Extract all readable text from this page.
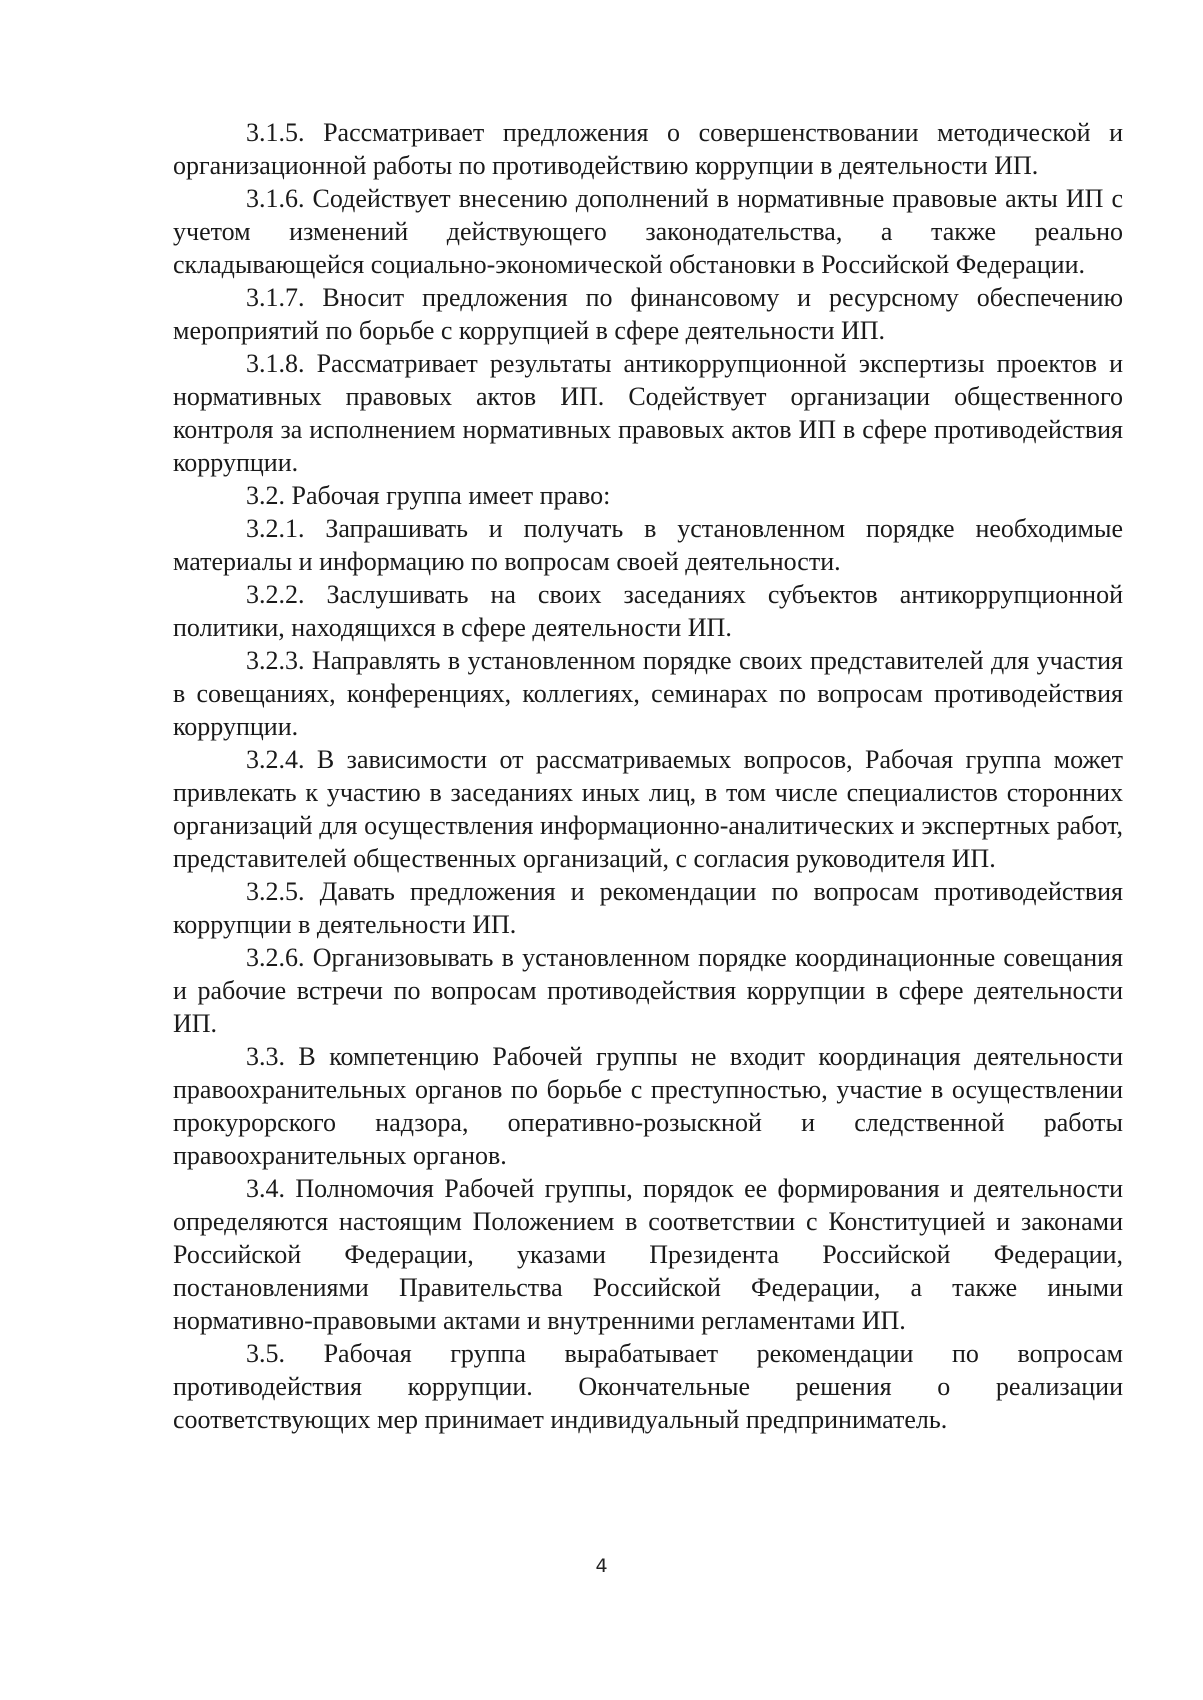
3.1.5. Рассматривает предложения о совершенствовании методической и организационной работы по противодействию коррупции в деятельности ИП.

3.1.6. Содействует внесению дополнений в нормативные правовые акты ИП с учетом изменений действующего законодательства, а также реально складывающейся социально-экономической обстановки в Российской Федерации.

3.1.7. Вносит предложения по финансовому и ресурсному обеспечению мероприятий по борьбе с коррупцией в сфере деятельности ИП.

3.1.8. Рассматривает результаты антикоррупционной экспертизы проектов и нормативных правовых актов ИП. Содействует организации общественного контроля за исполнением нормативных правовых актов ИП в сфере противодействия коррупции.

3.2. Рабочая группа имеет право:

3.2.1. Запрашивать и получать в установленном порядке необходимые материалы и информацию по вопросам своей деятельности.

3.2.2. Заслушивать на своих заседаниях субъектов антикоррупционной политики, находящихся в сфере деятельности ИП.

3.2.3. Направлять в установленном порядке своих представителей для участия в совещаниях, конференциях, коллегиях, семинарах по вопросам противодействия коррупции.

3.2.4. В зависимости от рассматриваемых вопросов, Рабочая группа может привлекать к участию в заседаниях иных лиц, в том числе специалистов сторонних организаций для осуществления информационно-аналитических и экспертных работ, представителей общественных организаций, с согласия руководителя ИП.

3.2.5. Давать предложения и рекомендации по вопросам противодействия коррупции в деятельности ИП.

3.2.6. Организовывать в установленном порядке координационные совещания и рабочие встречи по вопросам противодействия коррупции в сфере деятельности ИП.

3.3. В компетенцию Рабочей группы не входит координация деятельности правоохранительных органов по борьбе с преступностью, участие в осуществлении прокурорского надзора, оперативно-розыскной и следственной работы правоохранительных органов.

3.4. Полномочия Рабочей группы, порядок ее формирования и деятельности определяются настоящим Положением в соответствии с Конституцией и законами Российской Федерации, указами Президента Российской Федерации, постановлениями Правительства Российской Федерации, а также иными нормативно-правовыми актами и внутренними регламентами ИП.

3.5. Рабочая группа вырабатывает рекомендации по вопросам противодействия коррупции. Окончательные решения о реализации соответствующих мер принимает индивидуальный предприниматель.

4
